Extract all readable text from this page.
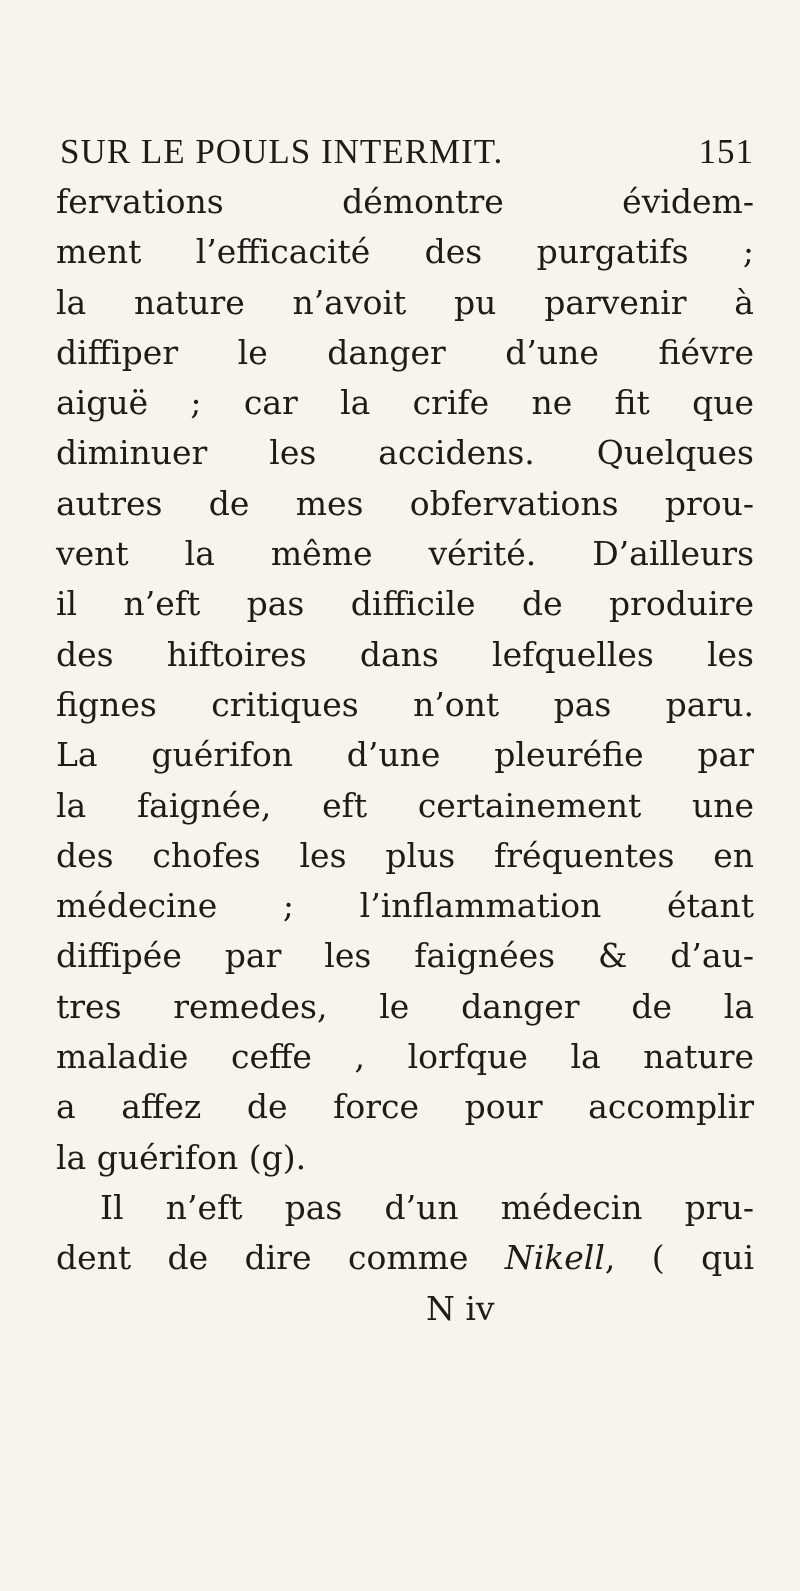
SUR LE POULS INTERMIT.	151
fervations démontre évidem-
ment l’efficacité des purgatifs ;
la nature n’avoit pu parvenir à
diffiper le danger d’une fiévre
aiguë ; car la crife ne fit que
diminuer les accidens. Quelques
autres de mes obfervations prou-
vent la même vérité. D’ailleurs
il n’eft pas difficile de produire
des hiftoires dans lefquelles les
fignes critiques n’ont pas paru.
La guérifon d’une pleuréfie par
la faignée, eft certainement une
des chofes les plus fréquentes en
médecine ; l’inflammation étant
diffipée par les faignées & d’au-
tres remedes, le danger de la
maladie ceffe , lorfque la nature
a affez de force pour accomplir
la guérifon (g).
Il n’eft pas d’un médecin pru-
dent de dire comme Nikell, ( qui
N iv
